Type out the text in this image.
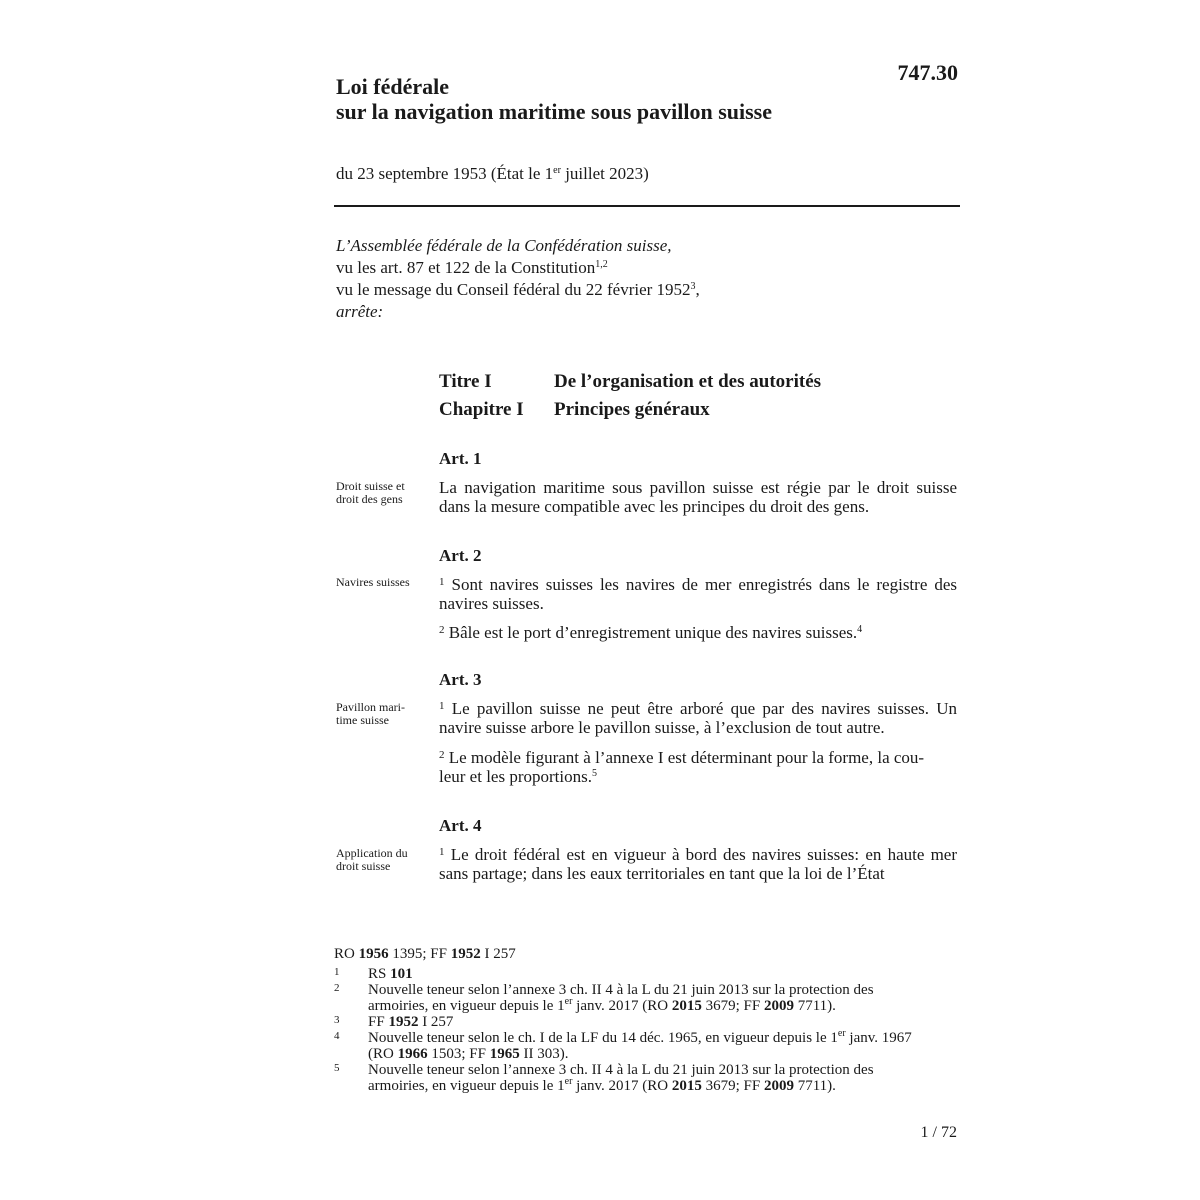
747.30
Loi fédérale
sur la navigation maritime sous pavillon suisse
du 23 septembre 1953 (État le 1er juillet 2023)
L’Assemblée fédérale de la Confédération suisse,
vu les art. 87 et 122 de la Constitution$^{1,2}$
vu le message du Conseil fédéral du 22 février 1952$^3$,
arrête:
Titre I	De l’organisation et des autorités
Chapitre I Principes généraux
Art. 1
Droit suisse et
droit des gens
La navigation maritime sous pavillon suisse est régie par le droit suisse dans la mesure compatible avec les principes du droit des gens.
Art. 2
Navires suisses	$^1$ Sont navires suisses les navires de mer enregistrés dans le registre des navires suisses.
$^2$ Bâle est le port d’enregistrement unique des navires suisses.$^4$
Art. 3
Pavillon mari-
time suisse
$^1$ Le pavillon suisse ne peut être arboré que par des navires suisses. Un navire suisse arbore le pavillon suisse, à l’exclusion de tout autre.
$^2$ Le modèle figurant à l’annexe I est déterminant pour la forme, la cou-
leur et les proportions.$^5$
Art. 4
Application du
droit suisse
$^1$ Le droit fédéral est en vigueur à bord des navires suisses: en haute mer sans partage; dans les eaux territoriales en tant que la loi de l’État
RO 1956 1395; FF 1952 I 257
1	RS 101
2	Nouvelle teneur selon l’annexe 3 ch. II 4 à la L du 21 juin 2013 sur la protection des
armoiries, en vigueur depuis le 1er janv. 2017 (RO 2015 3679; FF 2009 7711).
3	FF 1952 I 257
4	Nouvelle teneur selon le ch. I de la LF du 14 déc. 1965, en vigueur depuis le 1er janv. 1967
(RO 1966 1503; FF 1965 II 303).
5	Nouvelle teneur selon l’annexe 3 ch. II 4 à la L du 21 juin 2013 sur la protection des
armoiries, en vigueur depuis le 1er janv. 2017 (RO 2015 3679; FF 2009 7711).
1 / 72
